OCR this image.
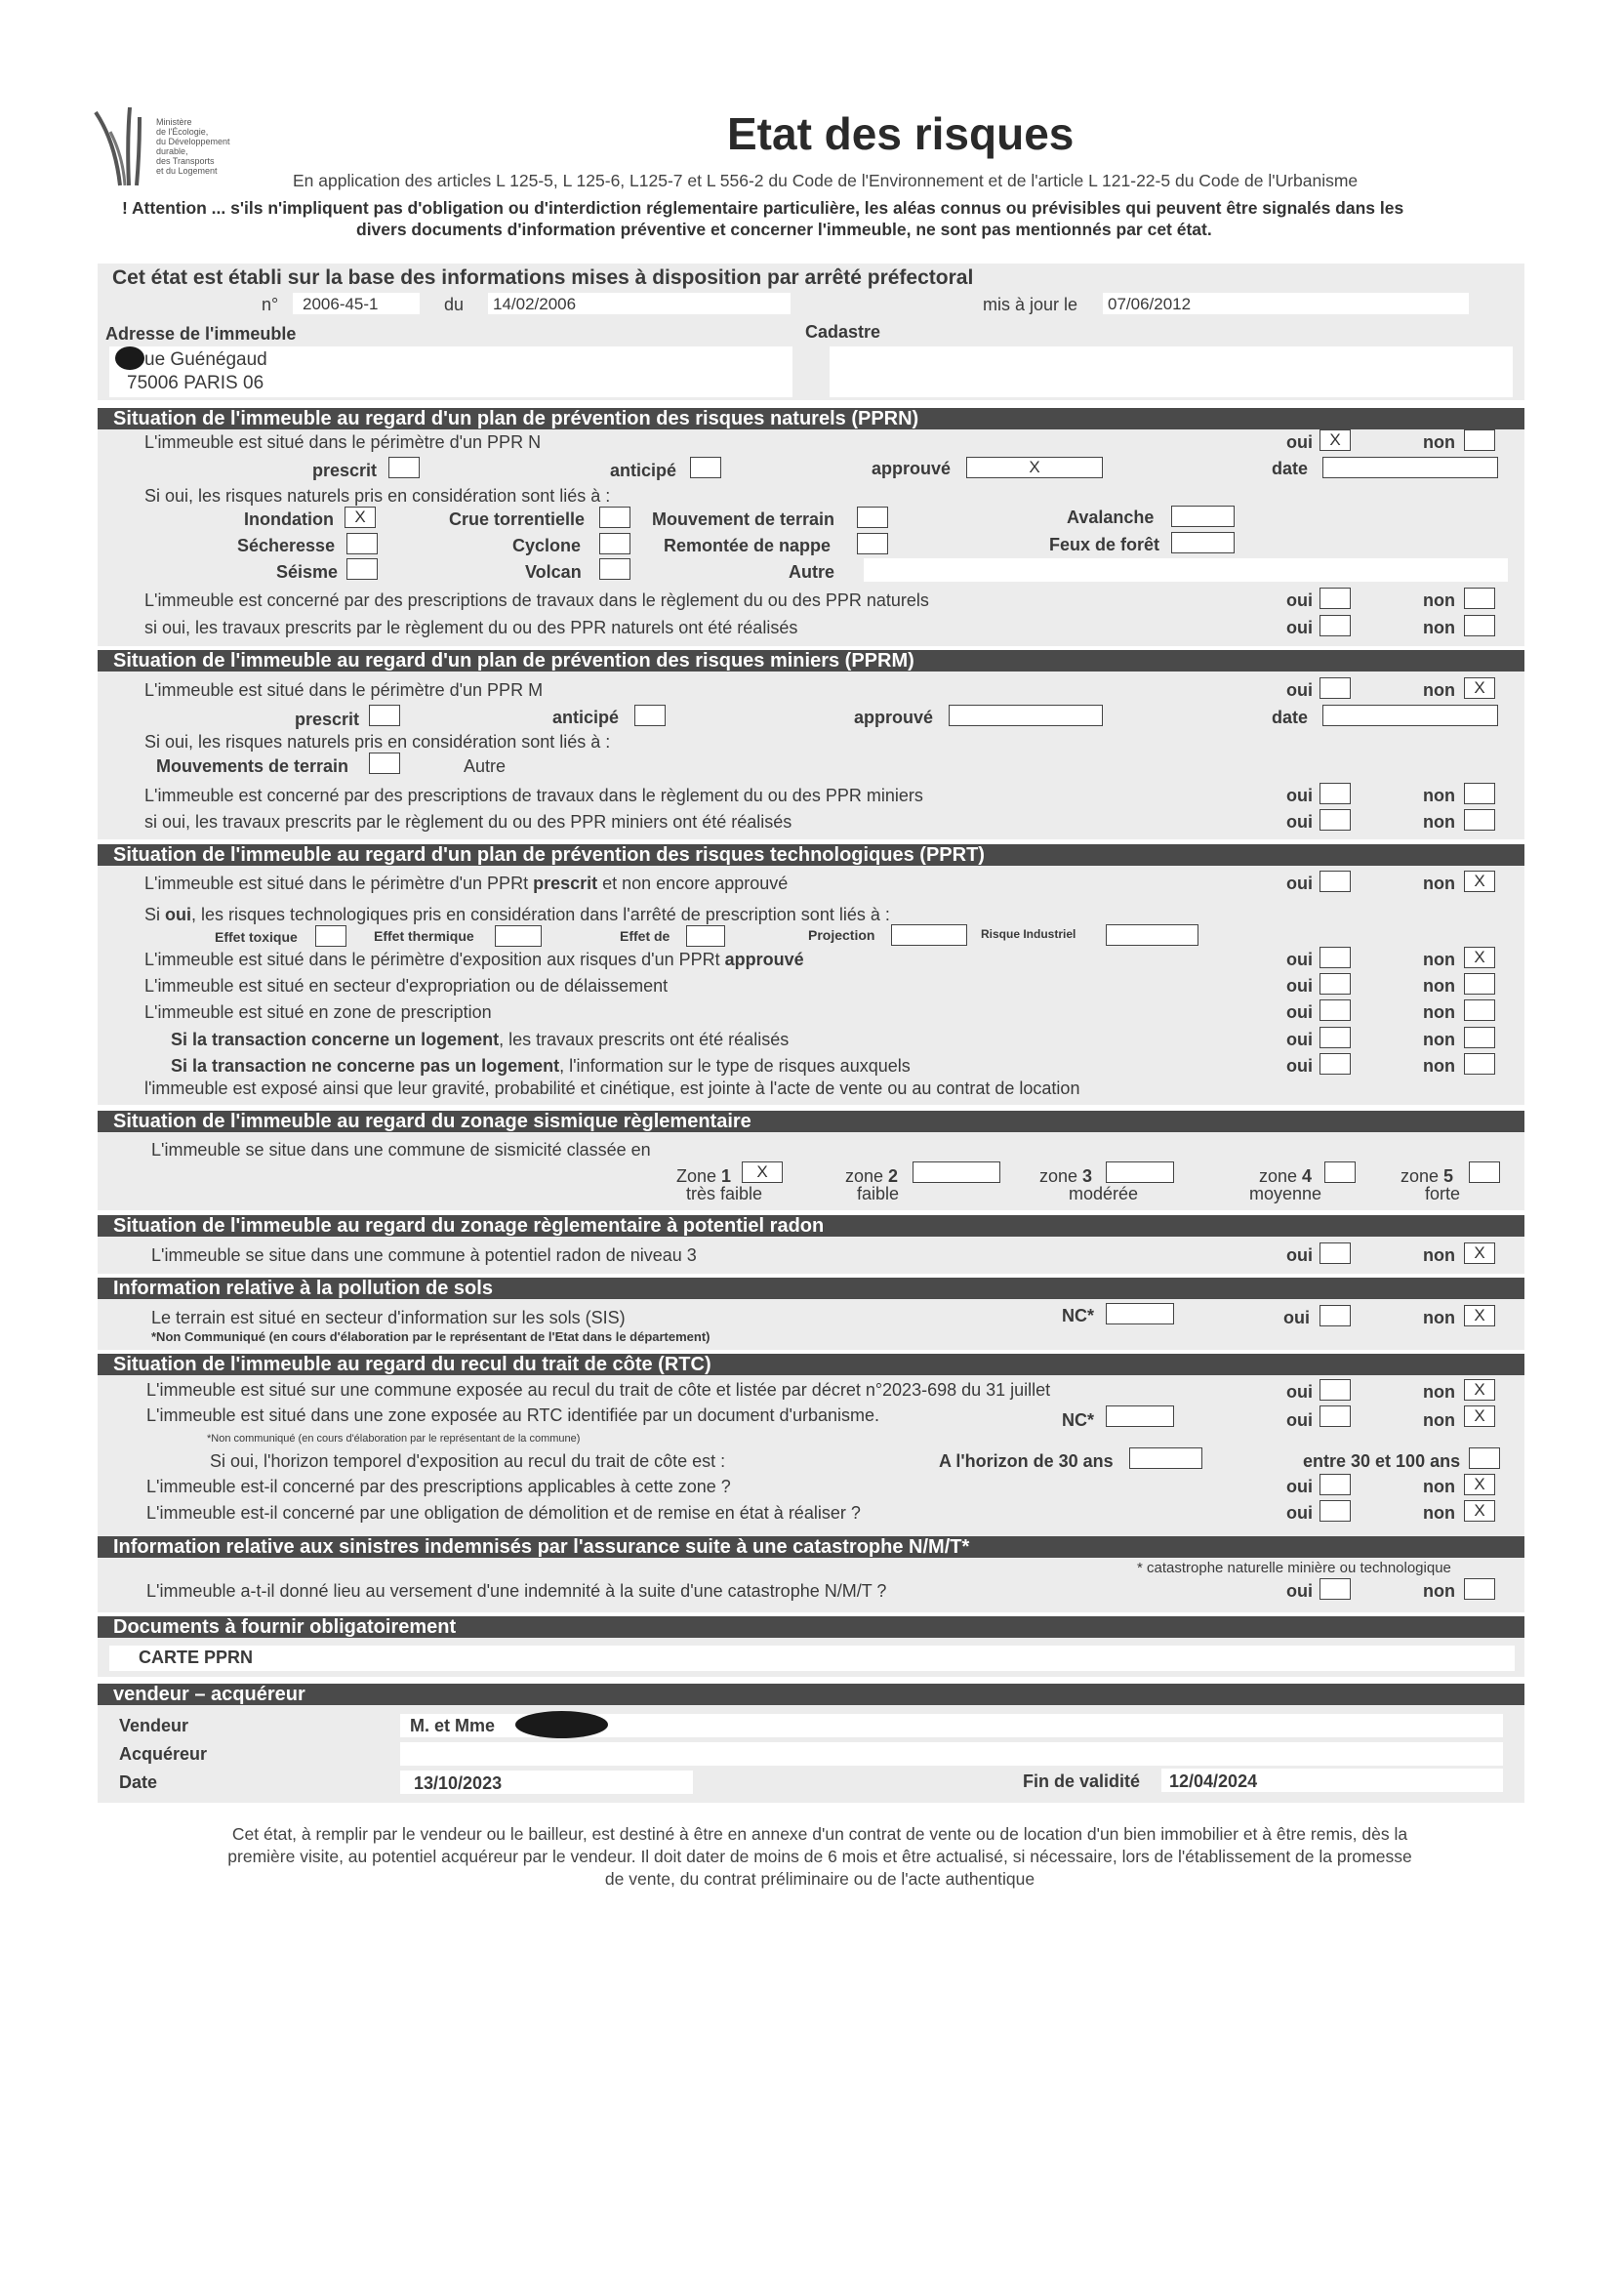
Ministère
de l'Écologie,
du Développement
durable,
des Transports
et du Logement
Etat des risques
En application des articles L 125-5, L 125-6, L125-7 et L 556-2 du Code de l'Environnement et de l'article L 121-22-5 du Code de l'Urbanisme
! Attention ... s'ils n'impliquent pas d'obligation ou d'interdiction réglementaire particulière, les aléas connus ou prévisibles qui peuvent être signalés dans les
divers documents d'information préventive et concerner l'immeuble, ne sont pas mentionnés par cet état.
Cet état est établi sur la base des informations mises à disposition par arrêté préfectoral
n° 2006-45-1	du 14/02/2006	mis à jour le 07/06/2012
Adresse de l'immeuble	Cadastre
ue Guénégaud
75006 PARIS 06
Situation de l'immeuble au regard d'un plan de prévention des risques naturels (PPRN)
L'immeuble est situé dans le périmètre d'un PPR N	oui	X	non
prescrit	anticipé	approuvé	X	date
Si oui, les risques naturels pris en considération sont liés à :
Inondation	X	Crue torrentielle	Mouvement de terrain	Avalanche
Sécheresse	Cyclone	Remontée de nappe	Feux de forêt
Séisme	Volcan	Autre
L'immeuble est concerné par des prescriptions de travaux dans le règlement du ou des PPR naturels	oui	non
si oui, les travaux prescrits par le règlement du ou des PPR naturels ont été réalisés	oui	non
Situation de l'immeuble au regard d'un plan de prévention des risques miniers (PPRM)
L'immeuble est situé dans le périmètre d'un PPR M	oui	non	X
prescrit	anticipé	approuvé	date
Si oui, les risques naturels pris en considération sont liés à :
Mouvements de terrain	Autre
L'immeuble est concerné par des prescriptions de travaux dans le règlement du ou des PPR miniers	oui	non
si oui, les travaux prescrits par le règlement du ou des PPR miniers ont été réalisés	oui	non
Situation de l'immeuble au regard d'un plan de prévention des risques technologiques (PPRT)
L'immeuble est situé dans le périmètre d'un PPRt prescrit et non encore approuvé	oui	non	X
Si oui, les risques technologiques pris en considération dans l'arrêté de prescription sont liés à :
Effet toxique	Effet thermique	Effet de	Projection	Risque Industriel
L'immeuble est situé dans le périmètre d'exposition aux risques d'un PPRt approuvé	oui	non	X
L'immeuble est situé en secteur d'expropriation ou de délaissement	oui	non
L'immeuble est situé en zone de prescription	oui	non
Si la transaction concerne un logement, les travaux prescrits ont été réalisés	oui	non
Si la transaction ne concerne pas un logement, l'information sur le type de risques auxquels	oui	non
l'immeuble est exposé ainsi que leur gravité, probabilité et cinétique, est jointe à l'acte de vente ou au contrat de location
Situation de l'immeuble au regard du zonage sismique règlementaire
L'immeuble se situe dans une commune de sismicité classée en
Zone 1	X
très faible
zone 2
faible
zone 3
modérée
zone 4
moyenne
zone 5
forte
Situation de l'immeuble au regard du zonage règlementaire à potentiel radon
L'immeuble se situe dans une commune à potentiel radon de niveau 3	oui	non	X
Information relative à la pollution de sols
Le terrain est situé en secteur d'information sur les sols (SIS)	NC*	oui	non	X
*Non Communiqué (en cours d'élaboration par le représentant de l'Etat dans le département)
Situation de l'immeuble au regard du recul du trait de côte (RTC)
L'immeuble est situé sur une commune exposée au recul du trait de côte et listée par décret n°2023-698 du 31 juillet	oui	non	X
L'immeuble est situé dans une zone exposée au RTC identifiée par un document d'urbanisme.	NC*	oui	non	X
*Non communiqué (en cours d'élaboration par le représentant de la commune)
Si oui, l'horizon temporel d'exposition au recul du trait de côte est :	A l'horizon de 30 ans	entre 30 et 100 ans
L'immeuble est-il concerné par des prescriptions applicables à cette zone ?	oui	non	X
L'immeuble est-il concerné par une obligation de démolition et de remise en état à réaliser ?	oui	non	X
Information relative aux sinistres indemnisés par l'assurance suite à une catastrophe N/M/T*
* catastrophe naturelle minière ou technologique
L'immeuble a-t-il donné lieu au versement d'une indemnité à la suite d'une catastrophe N/M/T ?	oui	non
Documents à fournir obligatoirement
CARTE PPRN
vendeur – acquéreur
Vendeur	M. et Mme
Acquéreur
Date	13/10/2023	Fin de validité 12/04/2024
Cet état, à remplir par le vendeur ou le bailleur, est destiné à être en annexe d'un contrat de vente ou de location d'un bien immobilier et à être remis, dès la
première visite, au potentiel acquéreur par le vendeur. Il doit dater de moins de 6 mois et être actualisé, si nécessaire, lors de l'établissement de la promesse
de vente, du contrat préliminaire ou de l'acte authentique
